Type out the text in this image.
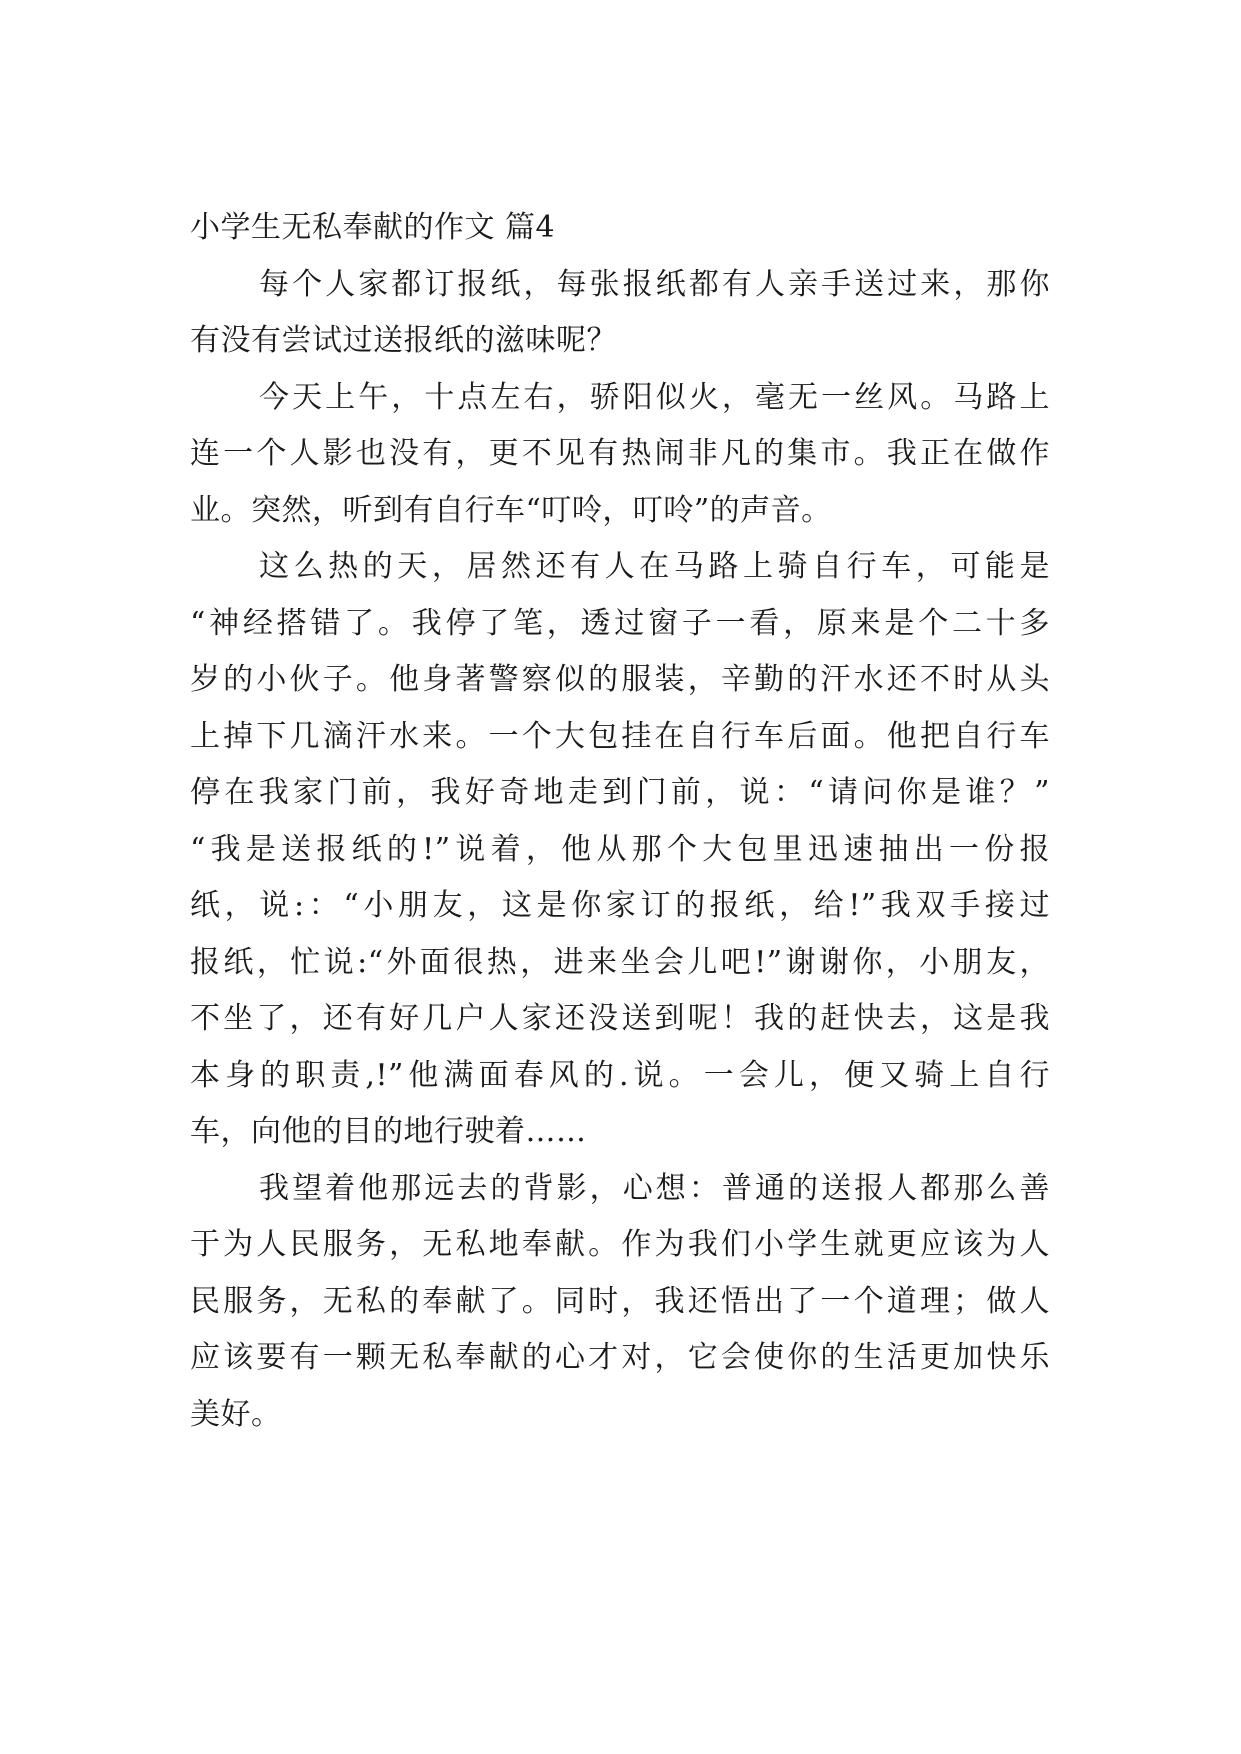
小学生无私奉献的作文 篇4

每个人家都订报纸，每张报纸都有人亲手送过来，那你
有没有尝试过送报纸的滋味呢？

今天上午，十点左右，骄阳似火，毫无一丝风。马路上
连一个人影也没有，更不见有热闹非凡的集市。我正在做作
业。突然，听到有自行车“叮呤，叮呤”的声音。

这么热的天，居然还有人在马路上骑自行车，可能是
“神经搭错了。我停了笔，透过窗子一看，原来是个二十多
岁的小伙子。他身著警察似的服装，辛勤的汗水还不时从头
上掉下几滴汗水来。一个大包挂在自行车后面。他把自行车
停在我家门前，我好奇地走到门前，说：“请问你是谁？”
“我是送报纸的!”说着，他从那个大包里迅速抽出一份报
纸，说:：“小朋友，这是你家订的报纸，给!”我双手接过
报纸，忙说:“外面很热，进来坐会儿吧!”谢谢你，小朋友，
不坐了，还有好几户人家还没送到呢！我的赶快去，这是我
本身的职责,!”他满面春风的.说。一会儿，便又骑上自行
车，向他的目的地行驶着……

我望着他那远去的背影，心想：普通的送报人都那么善
于为人民服务，无私地奉献。作为我们小学生就更应该为人
民服务，无私的奉献了。同时，我还悟出了一个道理；做人
应该要有一颗无私奉献的心才对，它会使你的生活更加快乐
美好。
